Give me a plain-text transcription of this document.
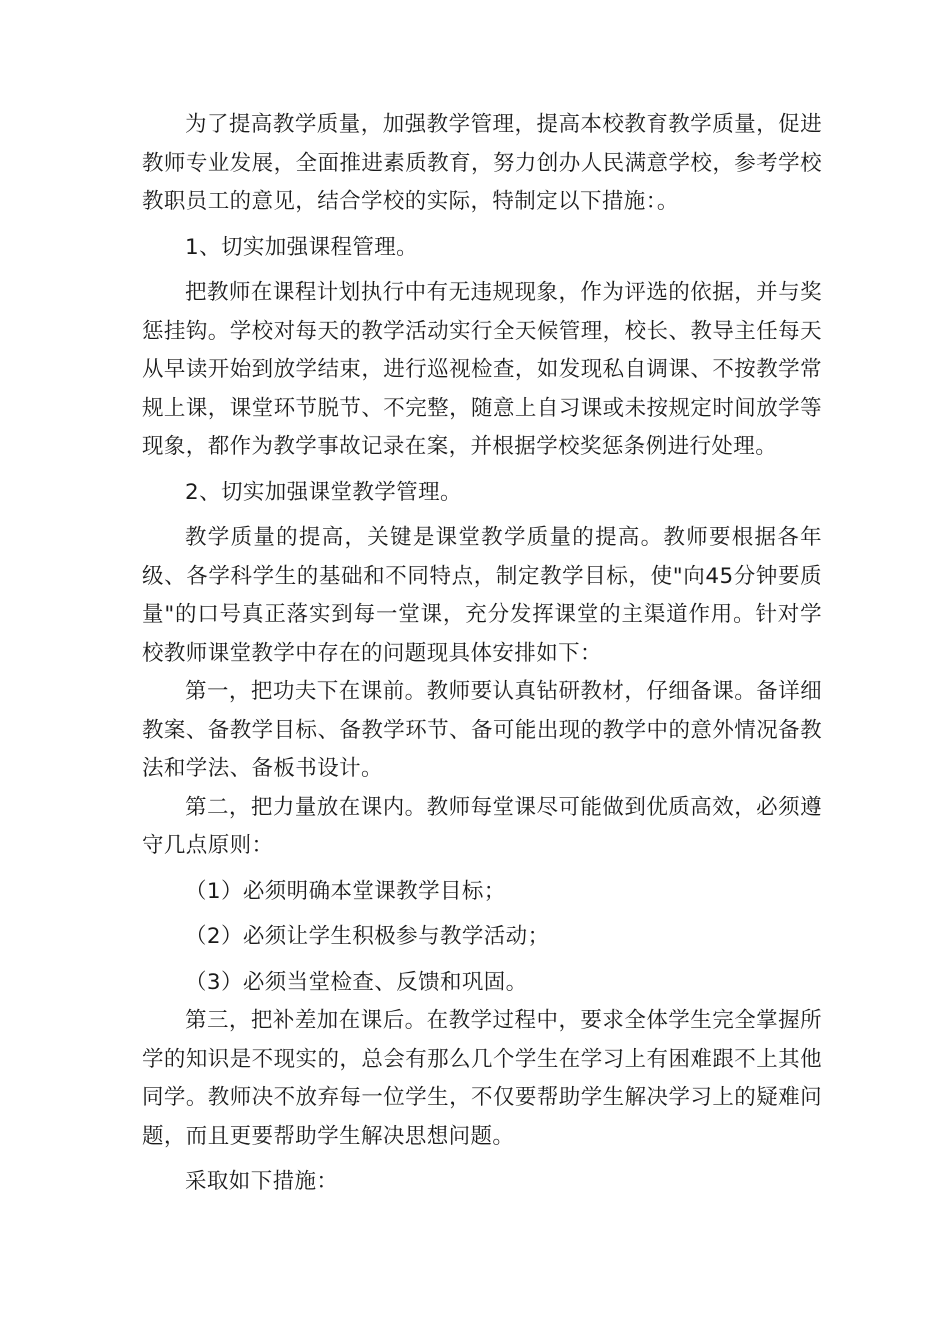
为了提高教学质量，加强教学管理，提高本校教育教学质量，促进教师专业发展，全面推进素质教育，努力创办人民满意学校，参考学校教职员工的意见，结合学校的实际，特制定以下措施：。

1、切实加强课程管理。

把教师在课程计划执行中有无违规现象，作为评选的依据，并与奖惩挂钩。学校对每天的教学活动实行全天候管理，校长、教导主任每天从早读开始到放学结束，进行巡视检查，如发现私自调课、不按教学常规上课，课堂环节脱节、不完整，随意上自习课或未按规定时间放学等现象，都作为教学事故记录在案，并根据学校奖惩条例进行处理。

2、切实加强课堂教学管理。

教学质量的提高，关键是课堂教学质量的提高。教师要根据各年级、各学科学生的基础和不同特点，制定教学目标，使"向45分钟要质量"的口号真正落实到每一堂课，充分发挥课堂的主渠道作用。针对学校教师课堂教学中存在的问题现具体安排如下：

第一，把功夫下在课前。教师要认真钻研教材，仔细备课。备详细教案、备教学目标、备教学环节、备可能出现的教学中的意外情况备教法和学法、备板书设计。

第二，把力量放在课内。教师每堂课尽可能做到优质高效，必须遵守几点原则：

（1）必须明确本堂课教学目标；

（2）必须让学生积极参与教学活动；

（3）必须当堂检查、反馈和巩固。

第三，把补差加在课后。在教学过程中，要求全体学生完全掌握所学的知识是不现实的，总会有那么几个学生在学习上有困难跟不上其他同学。教师决不放弃每一位学生，不仅要帮助学生解决学习上的疑难问题，而且更要帮助学生解决思想问题。

采取如下措施：
